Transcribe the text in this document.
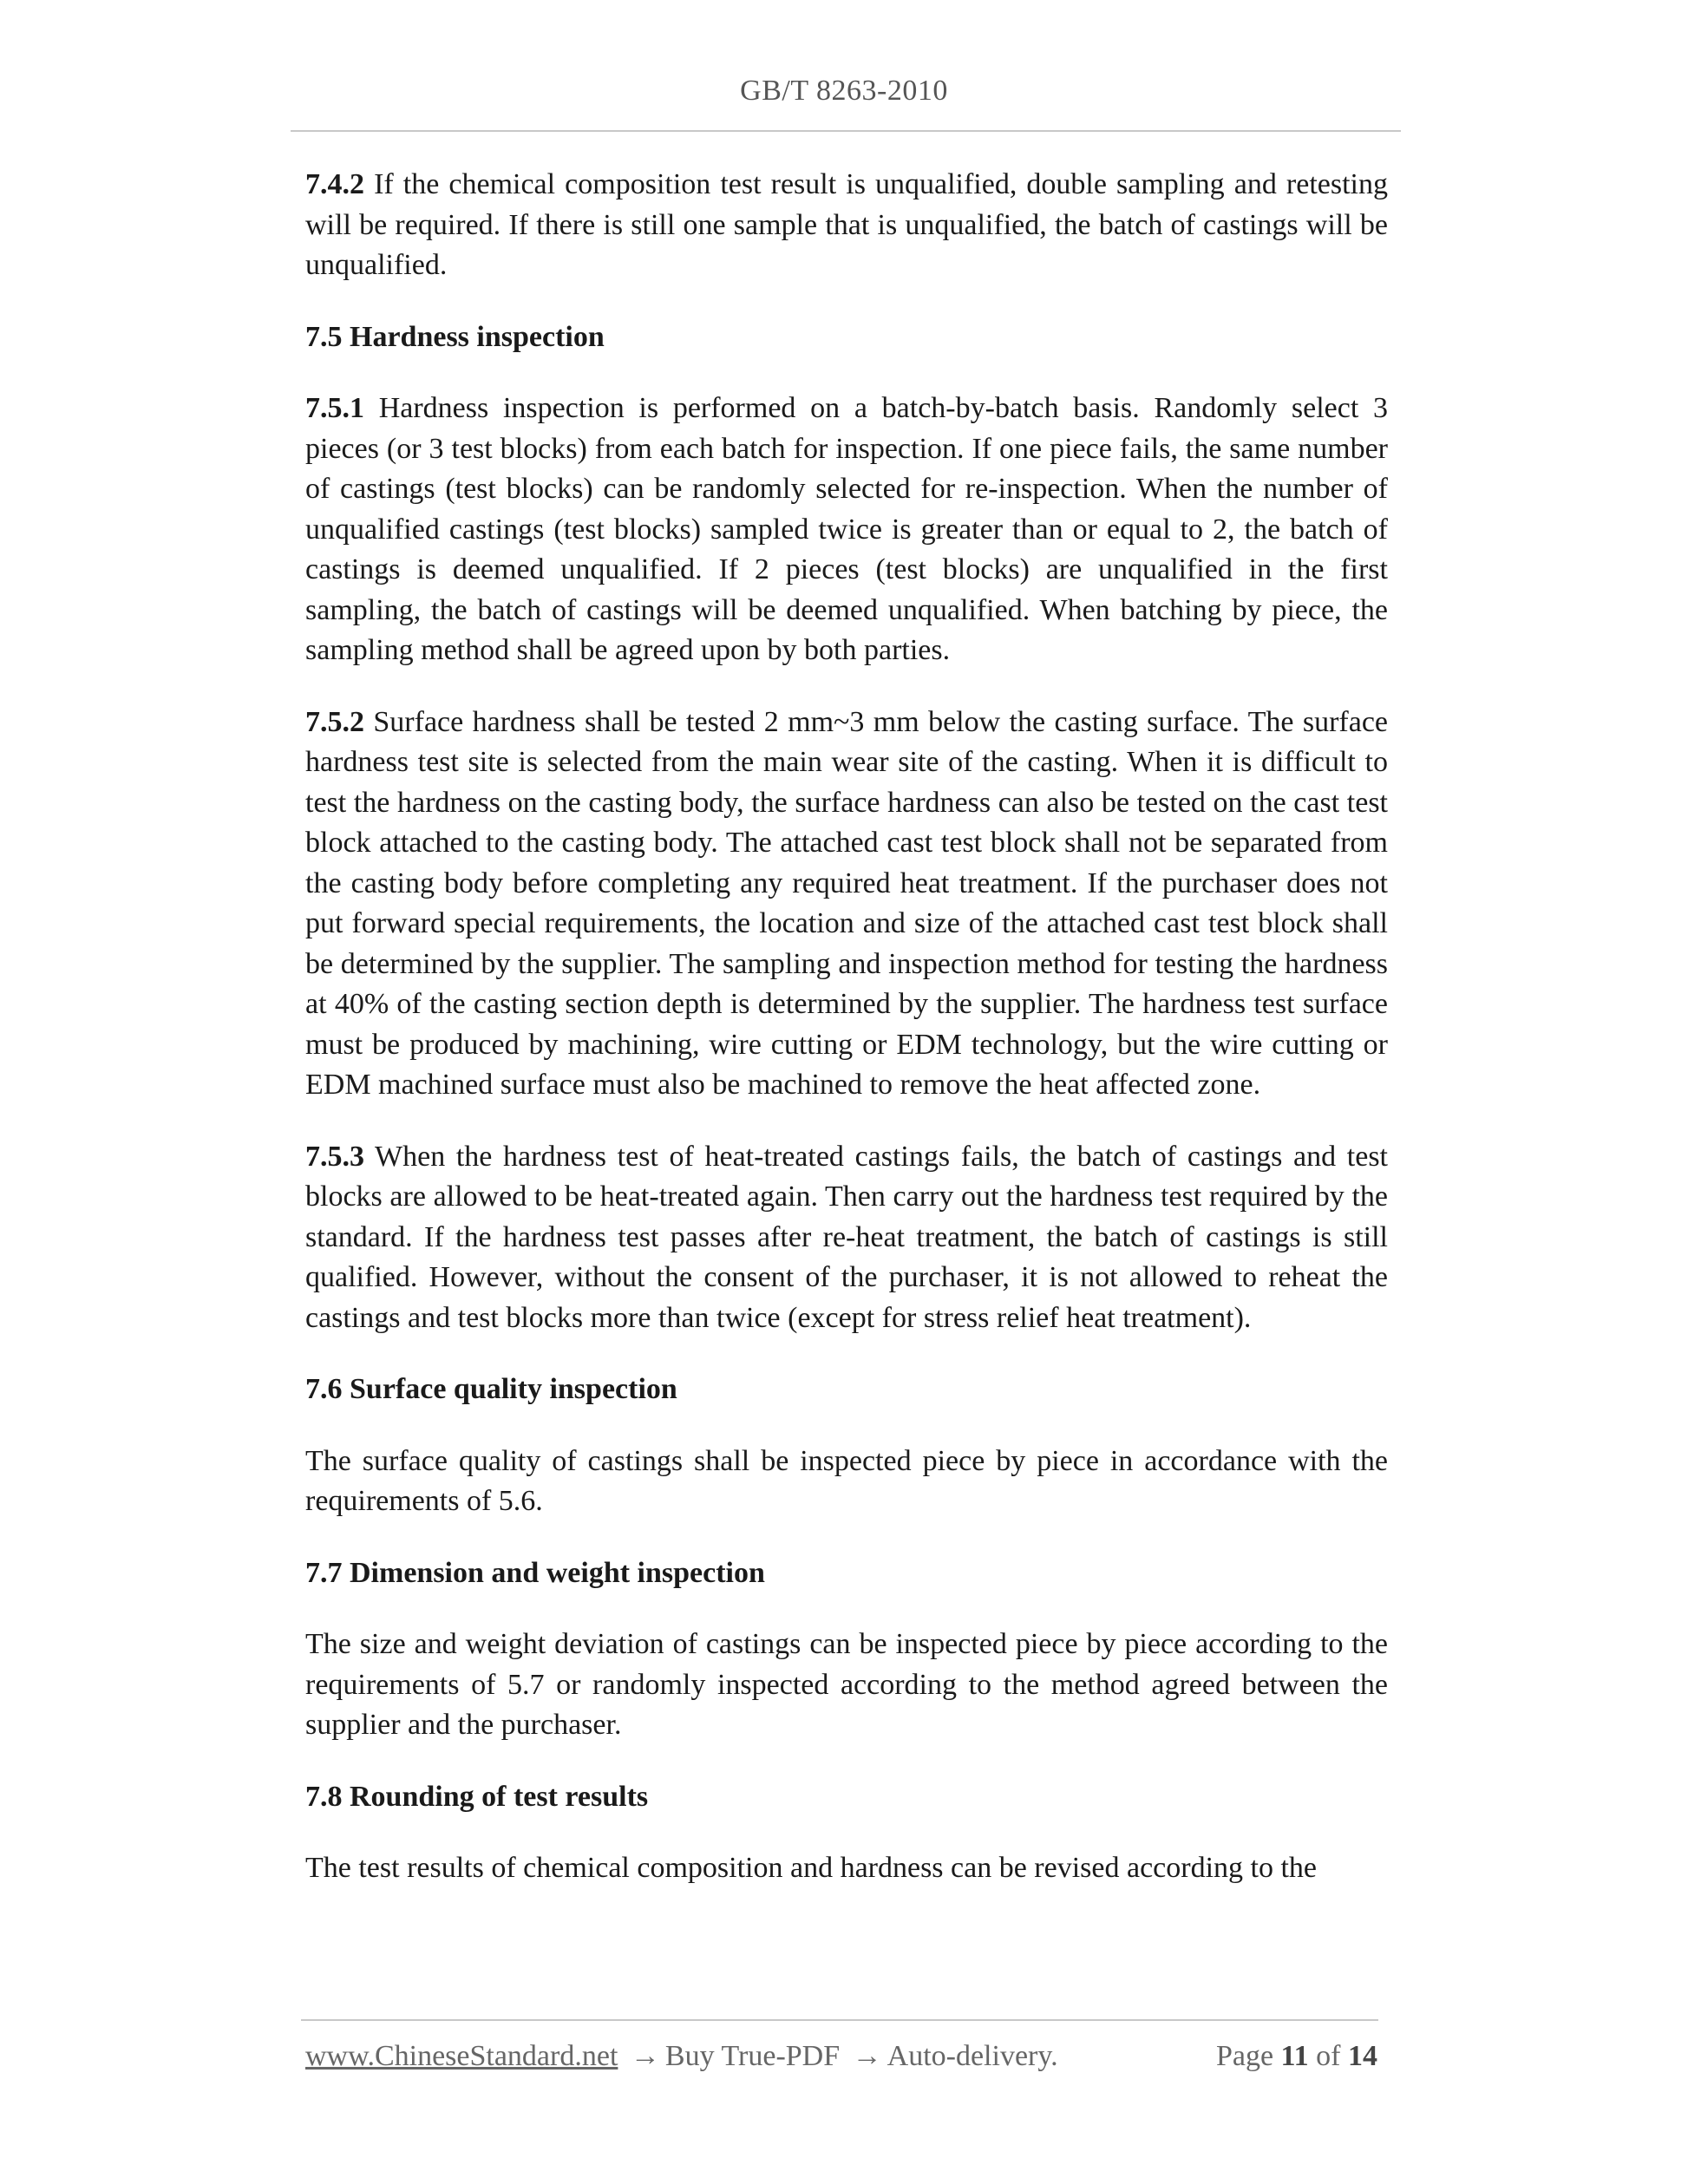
GB/T 8263-2010

7.4.2 If the chemical composition test result is unqualified, double sampling and retesting will be required. If there is still one sample that is unqualified, the batch of castings will be unqualified.

7.5 Hardness inspection

7.5.1 Hardness inspection is performed on a batch-by-batch basis. Randomly select 3 pieces (or 3 test blocks) from each batch for inspection. If one piece fails, the same number of castings (test blocks) can be randomly selected for re-inspection. When the number of unqualified castings (test blocks) sampled twice is greater than or equal to 2, the batch of castings is deemed unqualified. If 2 pieces (test blocks) are unqualified in the first sampling, the batch of castings will be deemed unqualified. When batching by piece, the sampling method shall be agreed upon by both parties.

7.5.2 Surface hardness shall be tested 2 mm~3 mm below the casting surface. The surface hardness test site is selected from the main wear site of the casting. When it is difficult to test the hardness on the casting body, the surface hardness can also be tested on the cast test block attached to the casting body. The attached cast test block shall not be separated from the casting body before completing any required heat treatment. If the purchaser does not put forward special requirements, the location and size of the attached cast test block shall be determined by the supplier. The sampling and inspection method for testing the hardness at 40% of the casting section depth is determined by the supplier. The hardness test surface must be produced by machining, wire cutting or EDM technology, but the wire cutting or EDM machined surface must also be machined to remove the heat affected zone.

7.5.3 When the hardness test of heat-treated castings fails, the batch of castings and test blocks are allowed to be heat-treated again. Then carry out the hardness test required by the standard. If the hardness test passes after re-heat treatment, the batch of castings is still qualified. However, without the consent of the purchaser, it is not allowed to reheat the castings and test blocks more than twice (except for stress relief heat treatment).

7.6 Surface quality inspection

The surface quality of castings shall be inspected piece by piece in accordance with the requirements of 5.6.

7.7 Dimension and weight inspection

The size and weight deviation of castings can be inspected piece by piece according to the requirements of 5.7 or randomly inspected according to the method agreed between the supplier and the purchaser.

7.8 Rounding of test results

The test results of chemical composition and hardness can be revised according to the

www.ChineseStandard.net → Buy True-PDF → Auto-delivery.	Page 11 of 14
